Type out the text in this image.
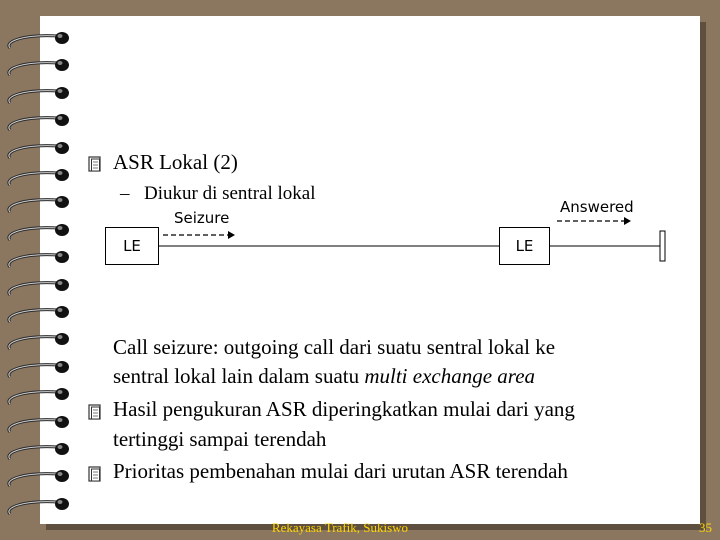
ASR Lokal (2)
– Diukur di sentral lokal
Seizure
Answered
LE	LE
Call seizure: outgoing call dari suatu sentral lokal ke
sentral lokal lain dalam suatu multi exchange area
Hasil pengukuran ASR diperingkatkan mulai dari yang
tertinggi sampai terendah
Prioritas pembenahan mulai dari urutan ASR terendah
Rekayasa Trafik, Sukiswo	35
